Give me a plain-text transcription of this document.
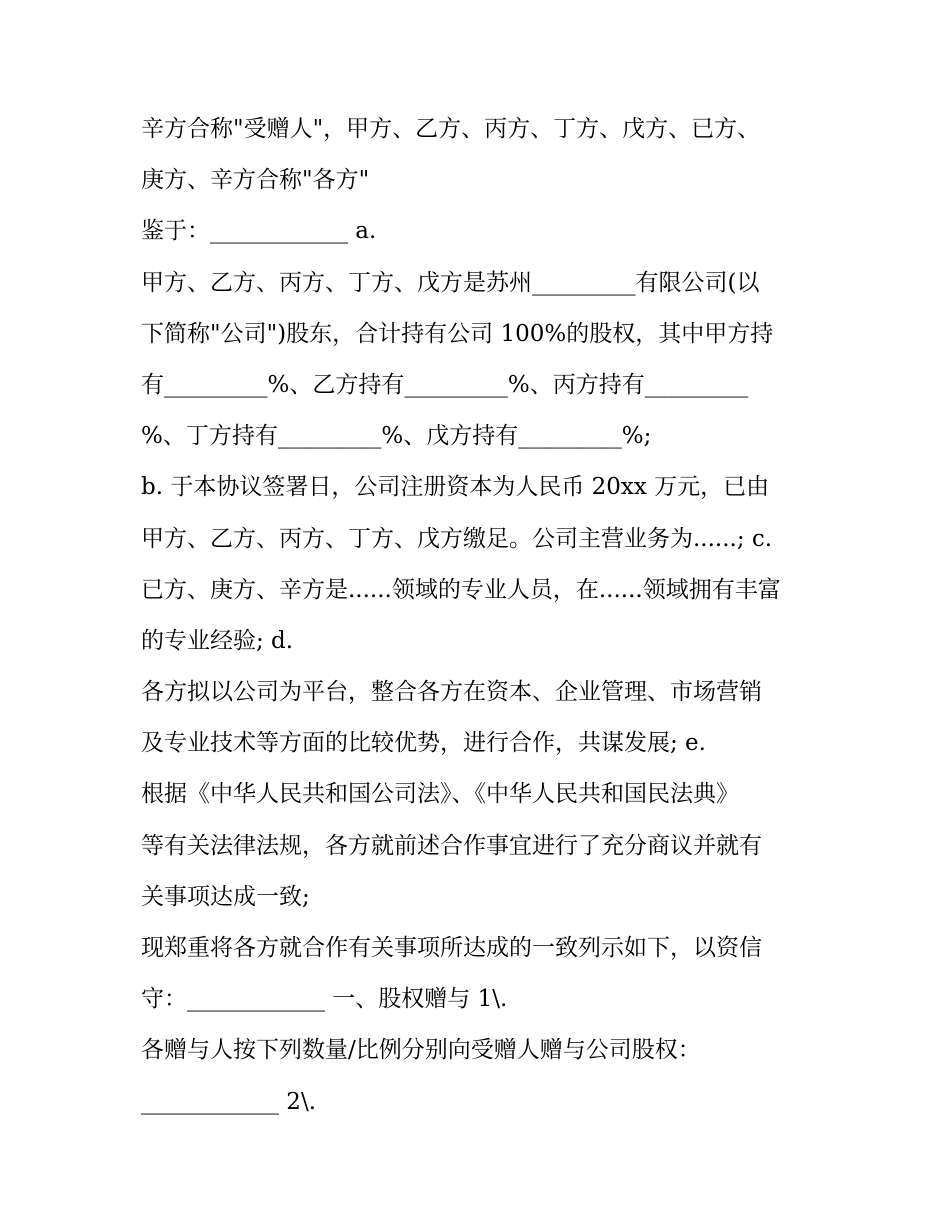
辛方合称"受赠人"，甲方、乙方、丙方、丁方、戊方、已方、
庚方、辛方合称"各方"
鉴于：____________ a.
甲方、乙方、丙方、丁方、戊方是苏州_________有限公司(以
下简称"公司")股东，合计持有公司 100%的股权，其中甲方持
有_________%、乙方持有_________%、丙方持有_________
%、丁方持有_________%、戊方持有_________%;
b. 于本协议签署日，公司注册资本为人民币 20xx 万元，已由
甲方、乙方、丙方、丁方、戊方缴足。公司主营业务为......; c.
已方、庚方、辛方是......领域的专业人员，在......领域拥有丰富
的专业经验; d.
各方拟以公司为平台，整合各方在资本、企业管理、市场营销
及专业技术等方面的比较优势，进行合作，共谋发展; e.
根据《中华人民共和国公司法》、《中华人民共和国民法典》
等有关法律法规，各方就前述合作事宜进行了充分商议并就有
关事项达成一致;
现郑重将各方就合作有关事项所达成的一致列示如下，以资信
守：____________ 一、股权赠与 1\.
各赠与人按下列数量/比例分别向受赠人赠与公司股权：
____________ 2\.
